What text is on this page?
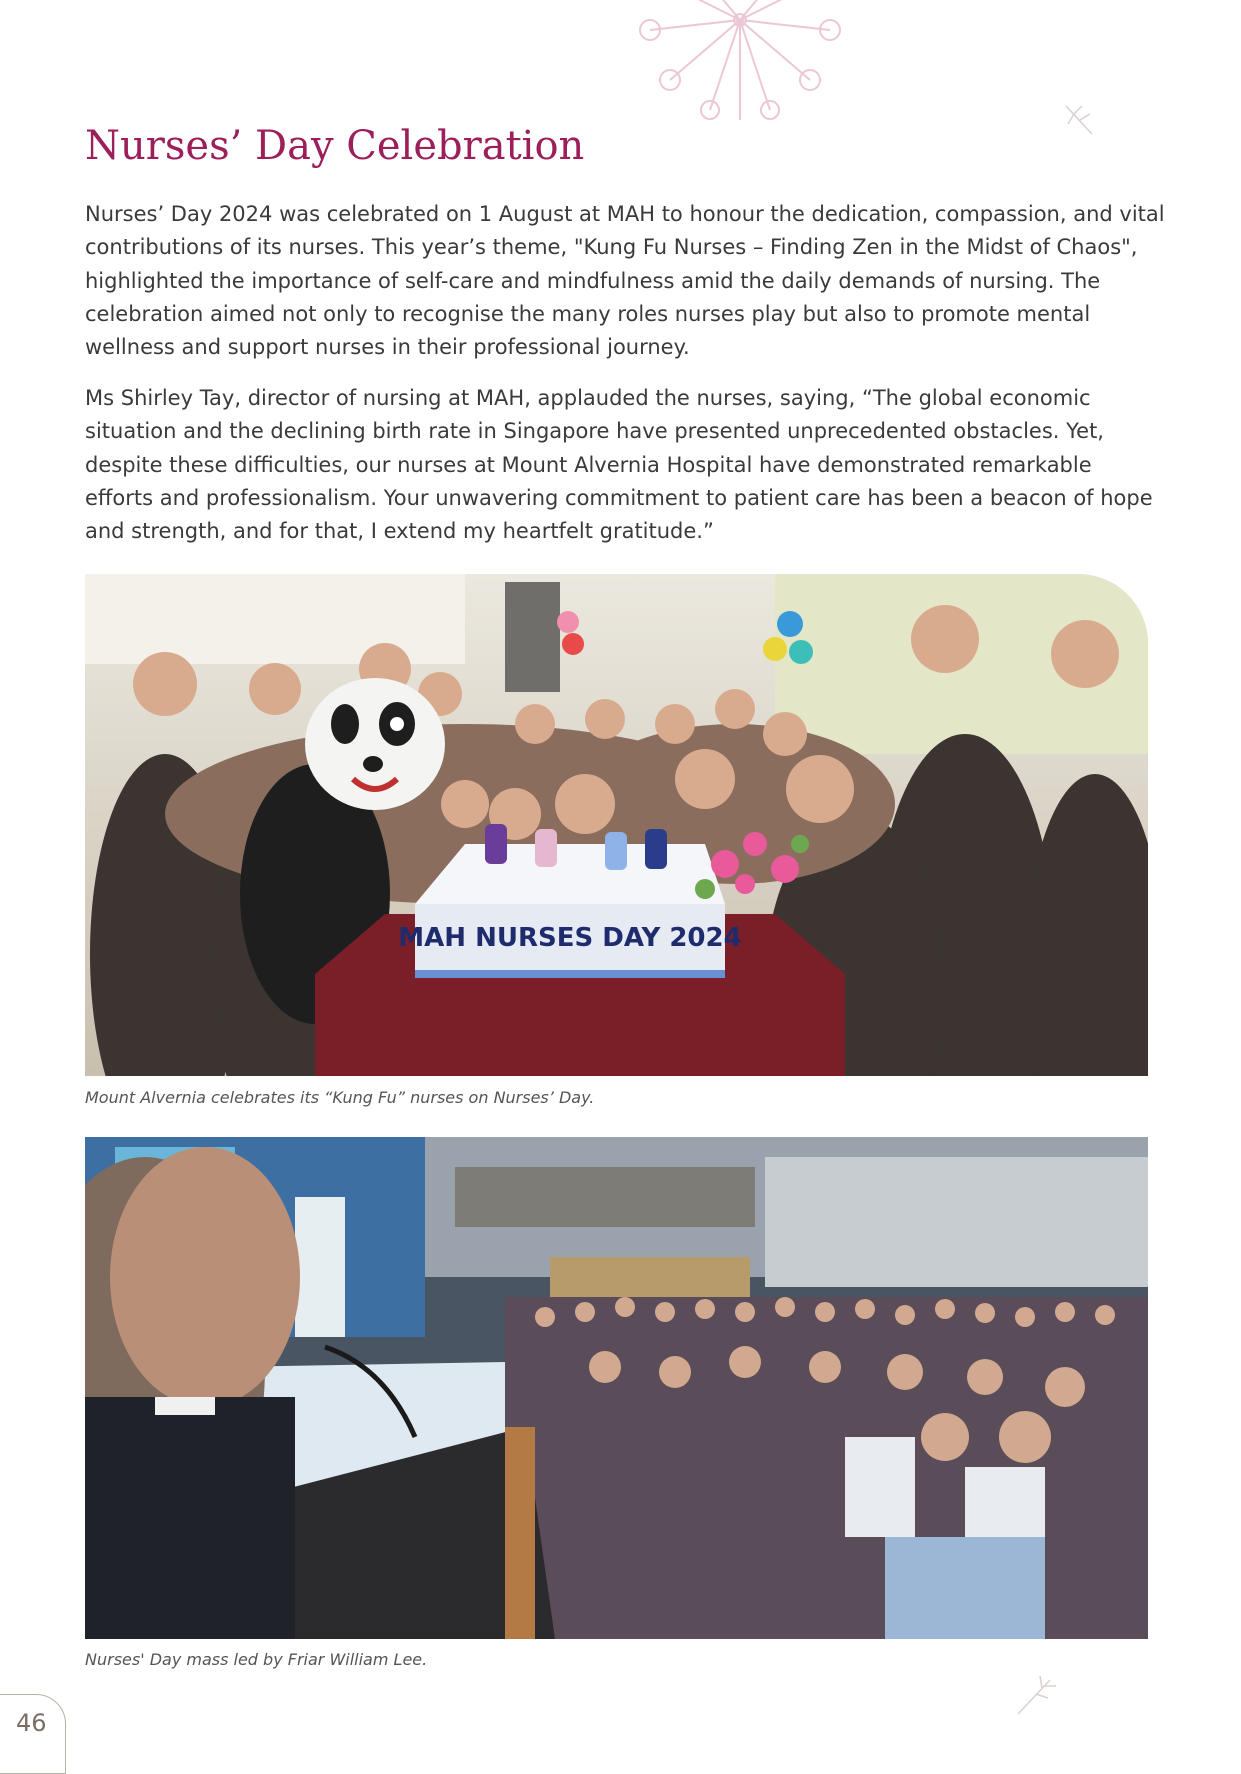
Nurses’ Day Celebration

Nurses’ Day 2024 was celebrated on 1 August at MAH to honour the dedication, compassion, and vital contributions of its nurses. This year’s theme, "Kung Fu Nurses – Finding Zen in the Midst of Chaos", highlighted the importance of self-care and mindfulness amid the daily demands of nursing. The celebration aimed not only to recognise the many roles nurses play but also to promote mental wellness and support nurses in their professional journey.

Ms Shirley Tay, director of nursing at MAH, applauded the nurses, saying, “The global economic situation and the declining birth rate in Singapore have presented unprecedented obstacles. Yet, despite these difficulties, our nurses at Mount Alvernia Hospital have demonstrated remarkable efforts and professionalism. Your unwavering commitment to patient care has been a beacon of hope and strength, and for that, I extend my heartfelt gratitude.”

MAH NURSES DAY 2024

Mount Alvernia celebrates its “Kung Fu” nurses on Nurses’ Day.

Nurses' Day mass led by Friar William Lee.

46
